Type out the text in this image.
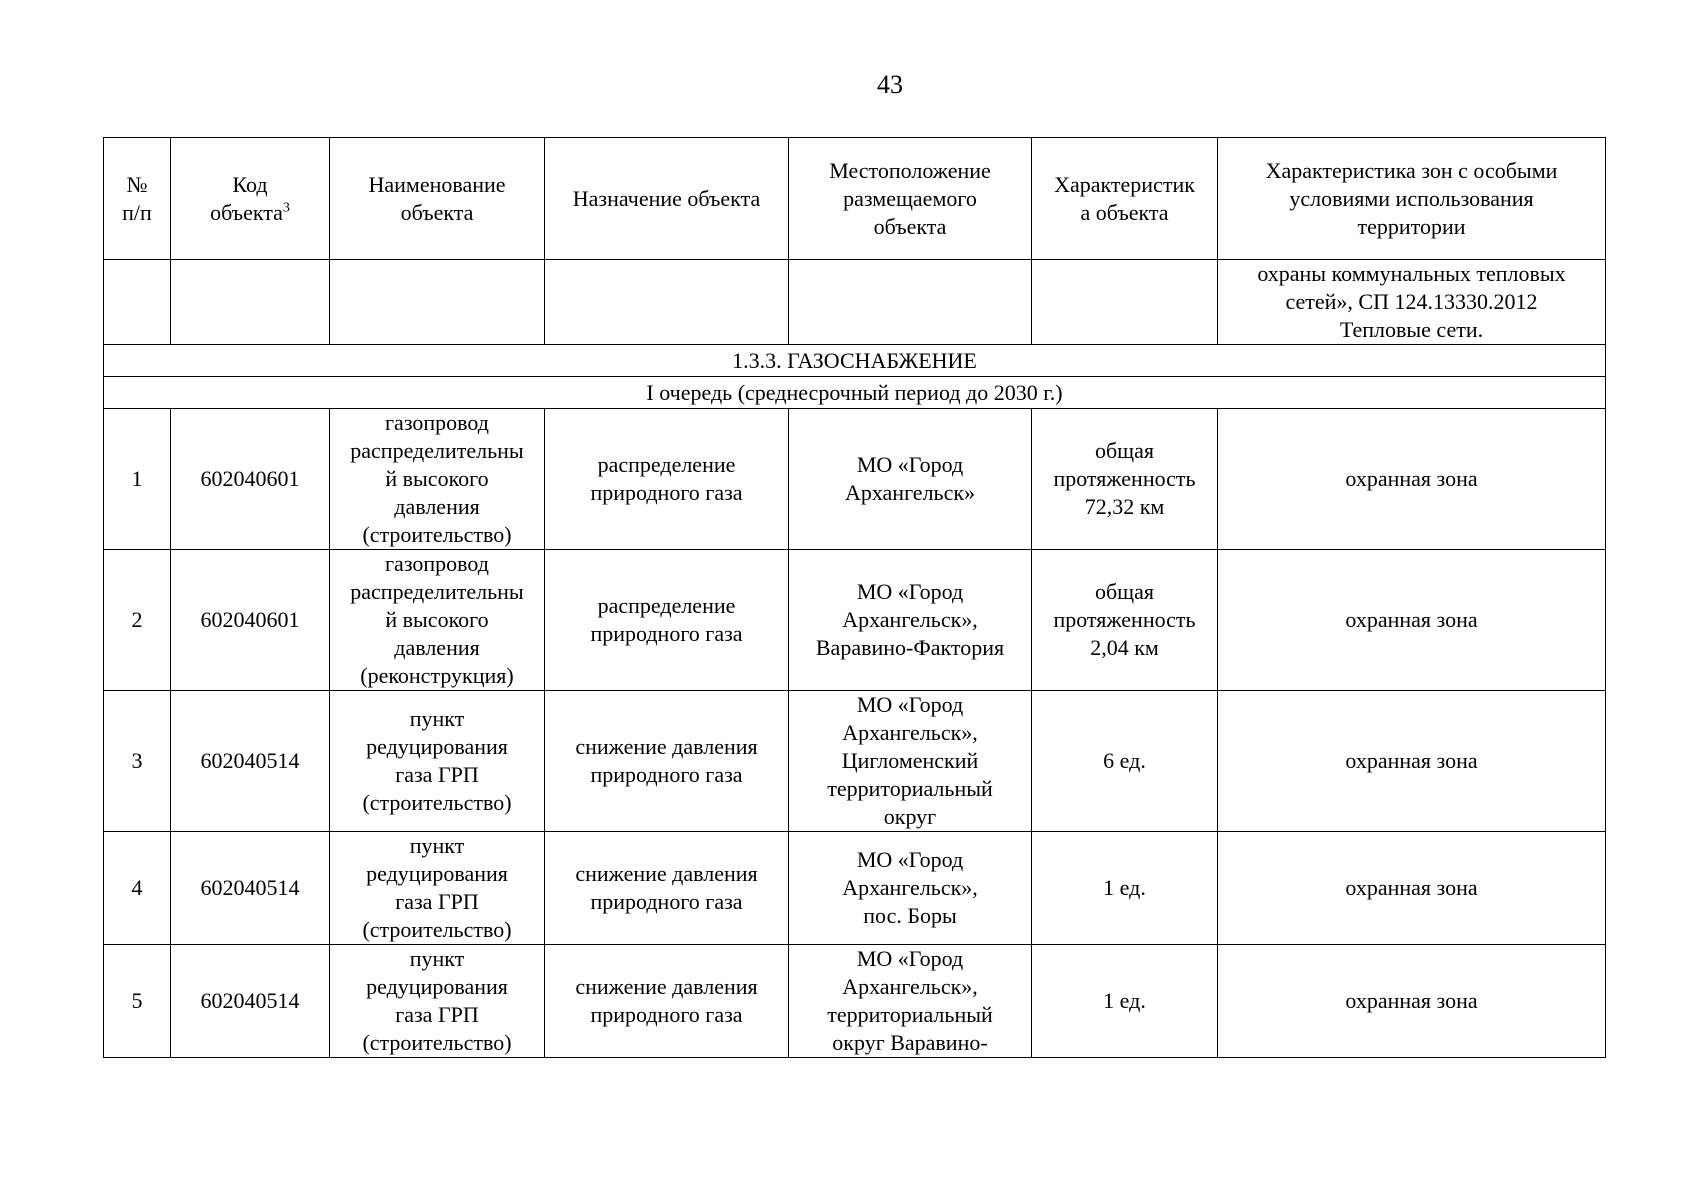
43
№
п/п	Код
объекта$^3$	Наименование
объекта	Назначение объекта	Местоположение
размещаемого
объекта	Характеристик
а объекта	Характеристика зон с особыми
условиями использования
территории

						охраны коммунальных тепловых
сетей», СП 124.13330.2012
Тепловые сети.

1.3.3. ГАЗОСНАБЖЕНИЕ						
I очередь (среднесрочный период до 2030 г.)						
1	602040601	газопровод
распределительны
й высокого
давления
(строительство)	распределение
природного газа	МО «Город
Архангельск»	общая
протяженность
72,32 км	охранная зона
2	602040601	газопровод
распределительны
й высокого
давления
(реконструкция)	распределение
природного газа	МО «Город
Архангельск»,
Варавино-Фактория	общая
протяженность
2,04 км	охранная зона
3	602040514	пункт
редуцирования
газа ГРП
(строительство)	снижение давления
природного газа	МО «Город
Архангельск»,
Цигломенский
территориальный
округ	6 ед.	охранная зона
4	602040514	пункт
редуцирования
газа ГРП
(строительство)	снижение давления
природного газа	МО «Город
Архангельск»,
пос. Боры	1 ед.	охранная зона
5	602040514	пункт
редуцирования
газа ГРП
(строительство)	снижение давления
природного газа	МО «Город
Архангельск»,
территориальный
округ Варавино-	1 ед.	охранная зона
